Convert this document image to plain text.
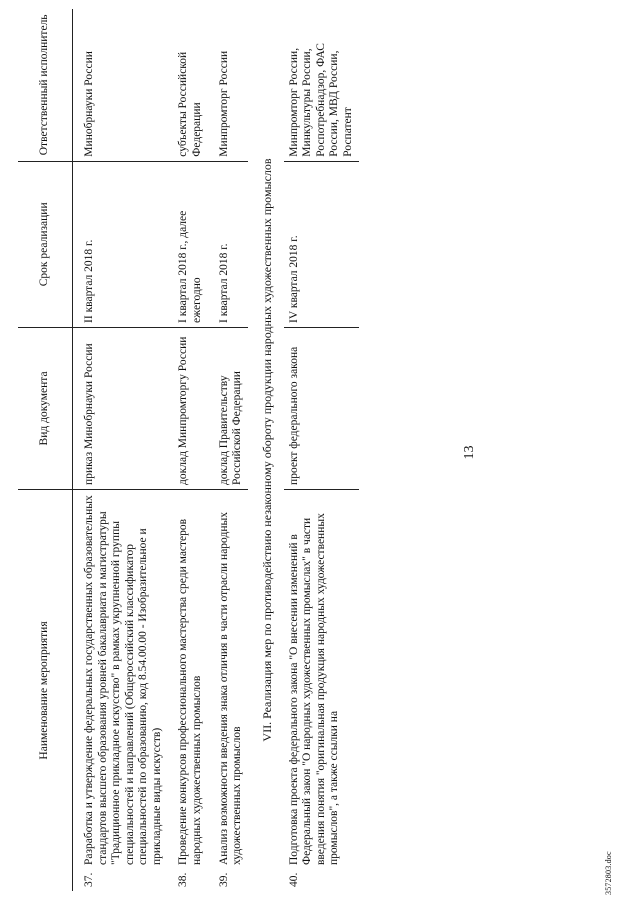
13
Наименование мероприятия	Вид документа	Срок реализации	Ответственный исполнитель

37.	Разработка и утверждение федеральных государственных образовательных стандартов высшего образования уровней бакалавриата и магистратуры "Традиционное прикладное искусство" в рамках укрупненной группы специальностей и направлений (Общероссийский классификатор специальностей по образованию, код 8.54.00.00 - Изобразительное и прикладные виды искусств)
	приказ Минобрнауки России	II квартал 2018 г.	Минобрнауки России

38.	Проведение конкурсов профессионального мастерства среди мастеров народных художественных промыслов
	доклад Минпромторгу России	I квартал 2018 г., далее ежегодно	субъекты Российской Федерации

39.	Анализ возможности введения знака отличия в части отрасли народных художественных промыслов
	доклад Правительству Российской Федерации	I квартал 2018 г.	Минпромторг России
VII. Реализация мер по противодействию незаконному обороту продукции народных художественных промыслов

40.	Подготовка проекта федерального закона "О внесении изменений в Федеральный закон "О народных художественных промыслах" в части введения понятия "оригинальная продукция народных художественных промыслов", а также ссылки на
	проект федерального закона	IV квартал 2018 г.	Минпромторг России, Минкультуры России, Роспотребнадзор, ФАС России, МВД России, Роспатент
3572803.doc
